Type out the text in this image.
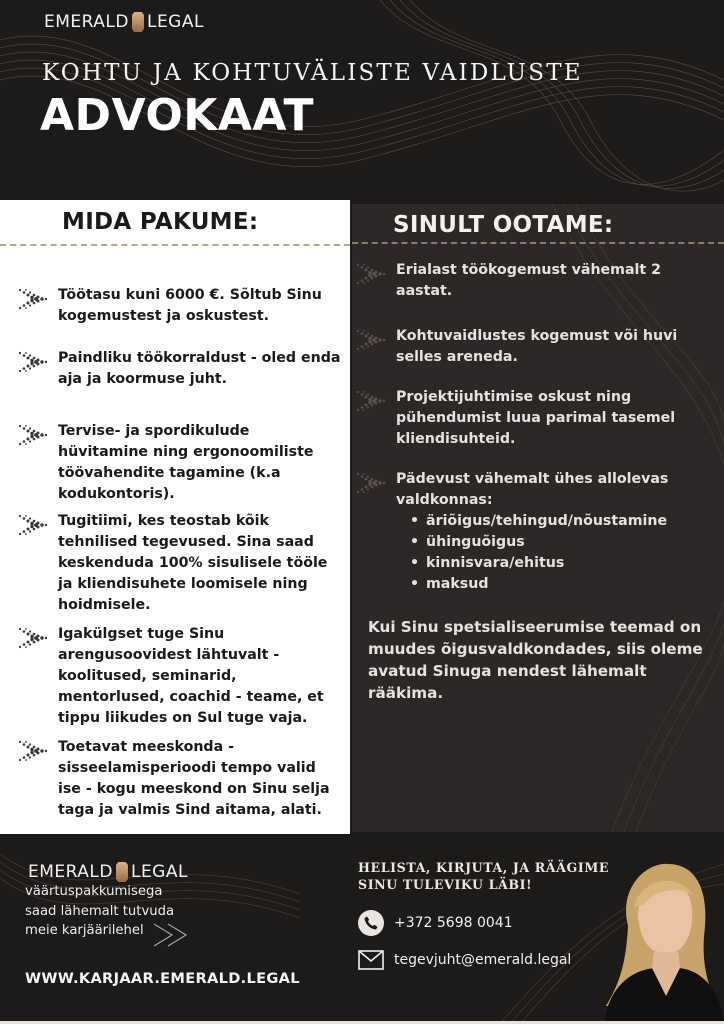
EMERALD LEGAL
KOHTU JA KOHTUVÄLISTE VAIDLUSTE
ADVOKAAT
MIDA PAKUME:
Töötasu kuni 6000 €. Sõltub Sinu kogemustest ja oskustest.
Paindliku töökorraldust - oled enda aja ja koormuse juht.
Tervise- ja spordikulude hüvitamine ning ergonoomiliste töövahendite tagamine (k.a kodukontoris).
Tugitiimi, kes teostab kõik tehnilised tegevused. Sina saad keskenduda 100% sisulisele tööle ja kliendisuhete loomisele ning hoidmisele.
Igakülgset tuge Sinu arengusoovidest lähtuvalt - koolitused, seminarid, mentorlused, coachid - teame, et tippu liikudes on Sul tuge vaja.
Toetavat meeskonda - sisseelamisperioodi tempo valid ise - kogu meeskond on Sinu selja taga ja valmis Sind aitama, alati.
SINULT OOTAME:
Erialast töökogemust vähemalt 2 aastat.
Kohtuvaidlustes kogemust või huvi selles areneda.
Projektijuhtimise oskust ning pühendumist luua parimal tasemel kliendisuhteid.
Pädevust vähemalt ühes allolevas valdkonnas:
• äriõigus/tehingud/nõustamine
• ühinguõigus
• kinnisvara/ehitus
• maksud
Kui Sinu spetsialiseerumise teemad on muudes õigusvaldkondades, siis oleme avatud Sinuga nendest lähemalt rääkima.
EMERALD LEGAL
väärtuspakkumisega
saad lähemalt tutvuda
meie karjäärilehel
WWW.KARJAAR.EMERALD.LEGAL
HELISTA, KIRJUTA, JA RÄÄGIME
SINU TULEVIKU LÄBI!
+372 5698 0041
tegevjuht@emerald.legal
